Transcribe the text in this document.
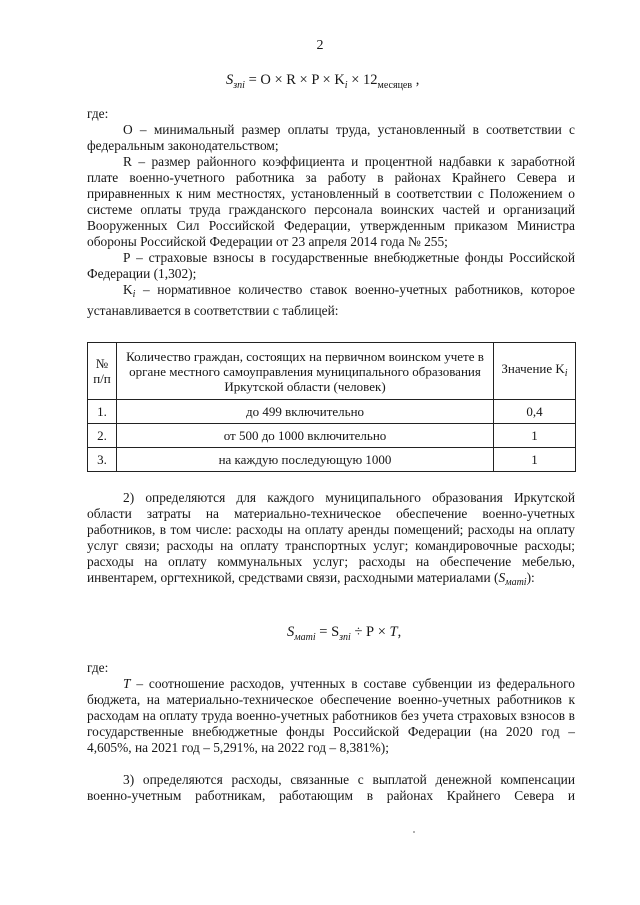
2
$S_{зпi} = О \times R \times P \times K_i \times 12_{месяцев}$ ,
где:

О – минимальный размер оплаты труда, установленный в соответствии с федеральным законодательством;

R – размер районного коэффициента и процентной надбавки к заработной плате военно-учетного работника за работу в районах Крайнего Севера и приравненных к ним местностях, установленный в соответствии с Положением о системе оплаты труда гражданского персонала воинских частей и организаций Вооруженных Сил Российской Федерации, утвержденным приказом Министра обороны Российской Федерации от 23 апреля 2014 года № 255;

Р – страховые взносы в государственные внебюджетные фонды Российской Федерации (1,302);

$K_i$ – нормативное количество ставок военно-учетных работников, которое устанавливается в соответствии с таблицей:

№ п/п	Количество граждан, состоящих на первичном воинском учете в органе местного самоуправления муниципального образования Иркутской области (человек)	Значение $K_i$
1.	до 499 включительно	0,4
2.	от 500 до 1000 включительно	1
3.	на каждую последующую 1000	1

2) определяются для каждого муниципального образования Иркутской области затраты на материально-техническое обеспечение военно-учетных работников, в том числе: расходы на оплату аренды помещений; расходы на оплату услуг связи; расходы на оплату транспортных услуг; командировочные расходы; расходы на оплату коммунальных услуг; расходы на обеспечение мебелью, инвентарем, оргтехникой, средствами связи, расходными материалами $(S_{матi})$:

$S_{матi} = S_{зпi} \div Р \times T$,
где:

T – соотношение расходов, учтенных в составе субвенции из федерального бюджета, на материально-техническое обеспечение военно-учетных работников к расходам на оплату труда военно-учетных работников без учета страховых взносов в государственные внебюджетные фонды Российской Федерации (на 2020 год – 4,605%, на 2021 год – 5,291%, на 2022 год – 8,381%);

3) определяются расходы, связанные с выплатой денежной компенсации военно-учетным работникам, работающим в районах Крайнего Севера и
